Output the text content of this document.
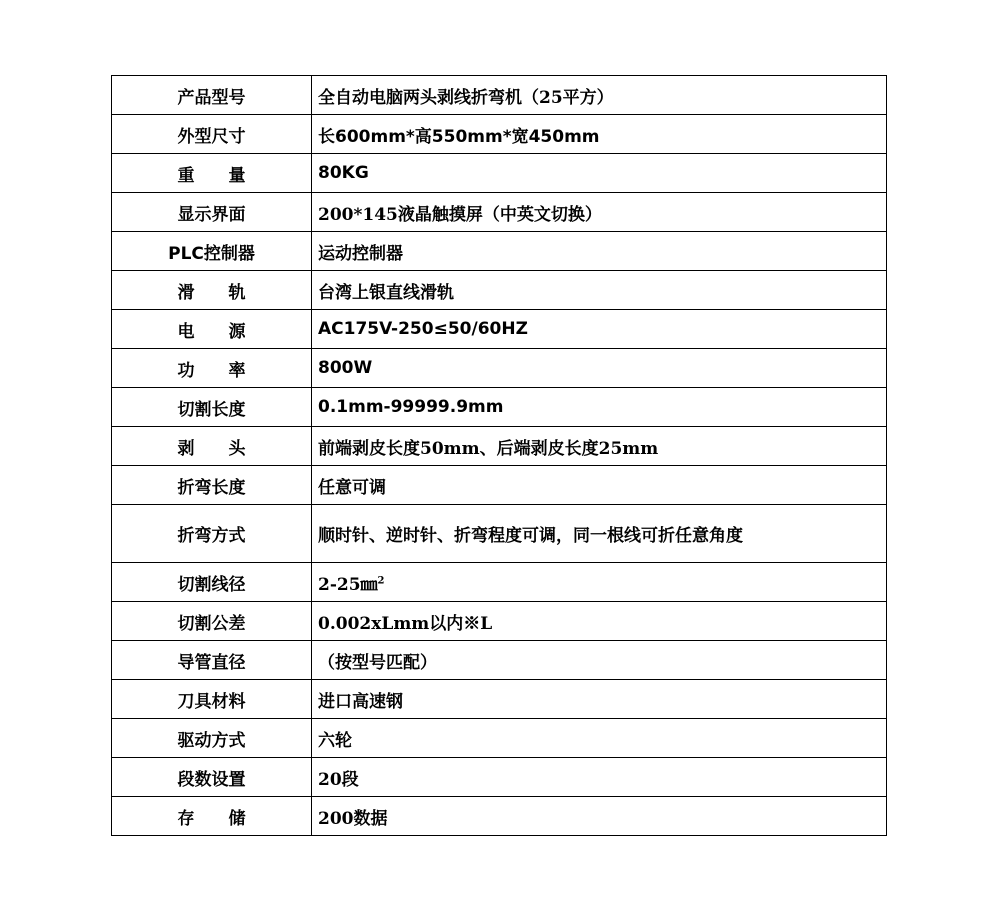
产品型号	全自动电脑两头剥线折弯机（25平方）
外型尺寸	长600mm*高550mm*宽450mm
重　　量	80KG
显示界面	200*145液晶触摸屏（中英文切换）
PLC控制器	运动控制器
滑　　轨	台湾上银直线滑轨
电　　源	AC175V-250≤50/60HZ
功　　率	800W
切割长度	0.1mm-99999.9mm
剥　　头	前端剥皮长度50mm、后端剥皮长度25mm
折弯长度	任意可调
折弯方式	顺时针、逆时针、折弯程度可调，同一根线可折任意角度
切割线径	2-25㎜$^2$
切割公差	0.002xLmm以内※L
导管直径	（按型号匹配）
刀具材料	进口高速钢
驱动方式	六轮
段数设置	20段
存　　储	200数据
